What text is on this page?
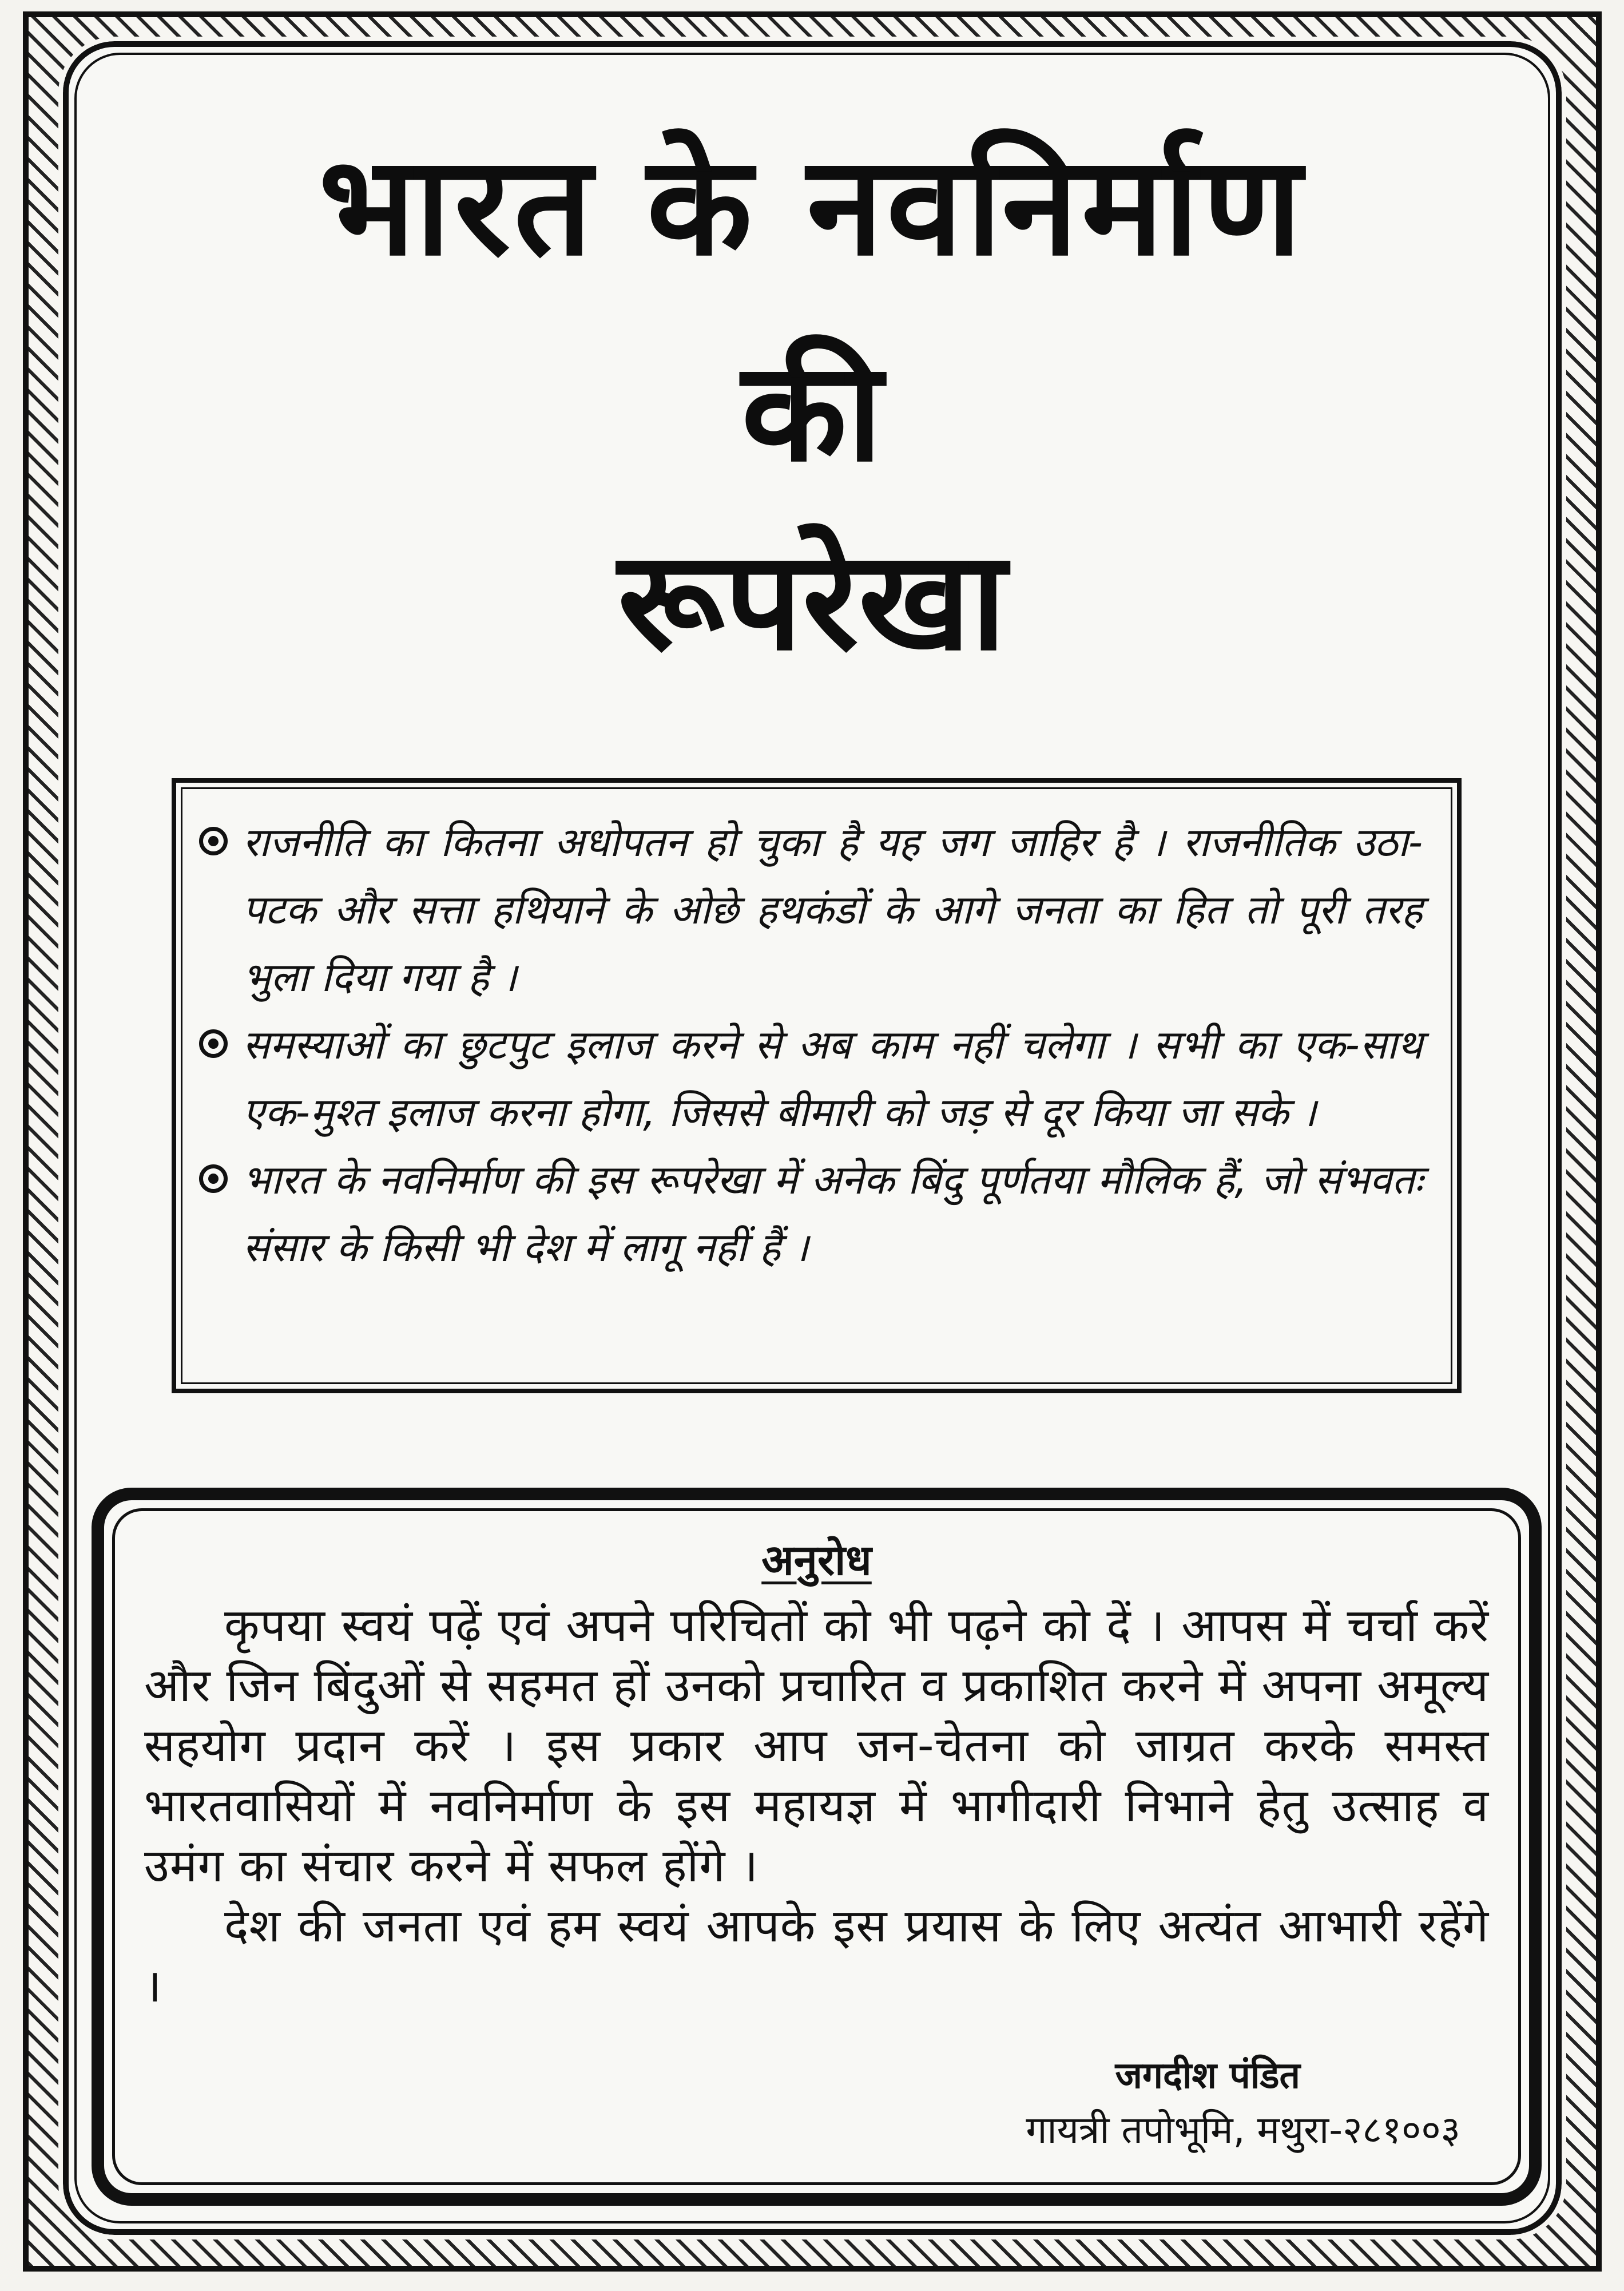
भारत के नवनिर्माण
की
रूपरेखा
राजनीति का कितना अधोपतन हो चुका है यह जग जाहिर है । राजनीतिक उठा-पटक और सत्ता हथियाने के ओछे हथकंडों के आगे जनता का हित तो पूरी तरह भुला दिया गया है ।
समस्याओं का छुटपुट इलाज करने से अब काम नहीं चलेगा । सभी का एक-साथ एक-मुश्त इलाज करना होगा, जिससे बीमारी को जड़ से दूर किया जा सके ।
भारत के नवनिर्माण की इस रूपरेखा में अनेक बिंदु पूर्णतया मौलिक हैं, जो संभवतः संसार के किसी भी देश में लागू नहीं हैं ।
अनुरोध

कृपया स्वयं पढ़ें एवं अपने परिचितों को भी पढ़ने को दें । आपस में चर्चा करें और जिन बिंदुओं से सहमत हों उनको प्रचारित व प्रकाशित करने में अपना अमूल्य सहयोग प्रदान करें । इस प्रकार आप जन-चेतना को जाग्रत करके समस्त भारतवासियों में नवनिर्माण के इस महायज्ञ में भागीदारी निभाने हेतु उत्साह व उमंग का संचार करने में सफल होंगे ।

देश की जनता एवं हम स्वयं आपके इस प्रयास के लिए अत्यंत आभारी रहेंगे ।

जगदीश पंडित
गायत्री तपोभूमि, मथुरा-२८१००३
